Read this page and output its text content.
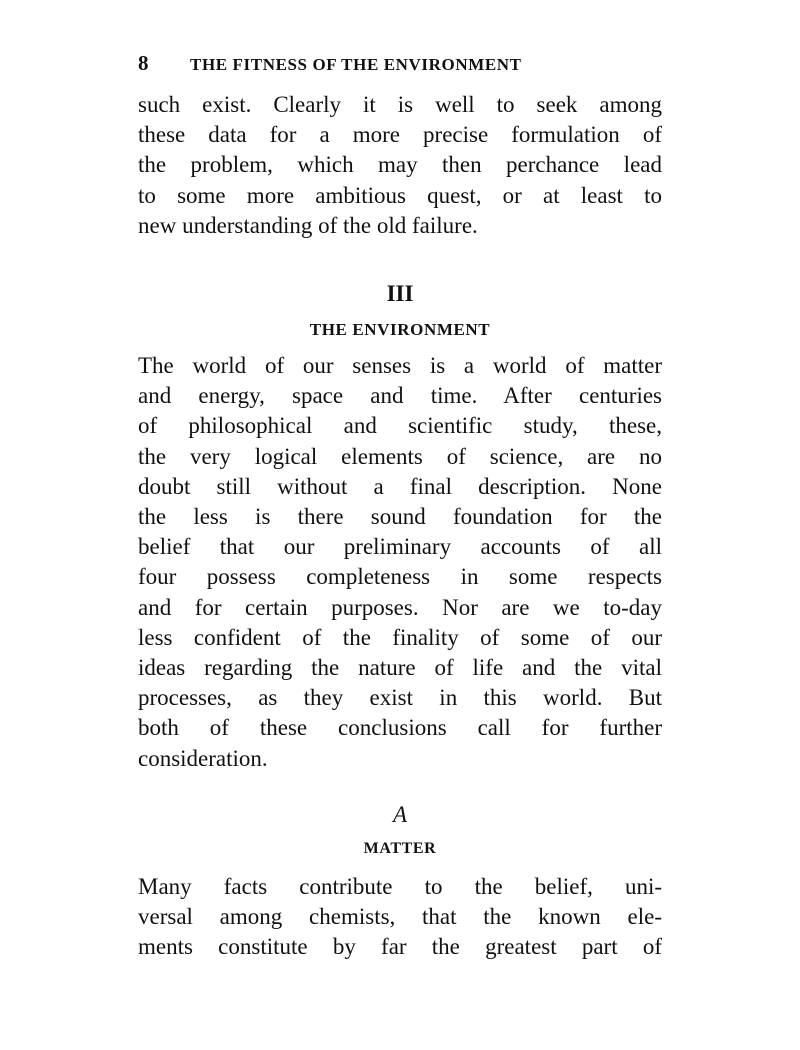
8 THE FITNESS OF THE ENVIRONMENT
such exist. Clearly it is well to seek among
these data for a more precise formulation of
the problem, which may then perchance lead
to some more ambitious quest, or at least to
new understanding of the old failure.
III
THE ENVIRONMENT
The world of our senses is a world of matter
and energy, space and time. After centuries
of philosophical and scientific study, these,
the very logical elements of science, are no
doubt still without a final description. None
the less is there sound foundation for the
belief that our preliminary accounts of all
four possess completeness in some respects
and for certain purposes. Nor are we to-day
less confident of the finality of some of our
ideas regarding the nature of life and the vital
processes, as they exist in this world. But
both of these conclusions call for further
consideration.
A
MATTER
Many facts contribute to the belief, uni-
versal among chemists, that the known ele-
ments constitute by far the greatest part of
